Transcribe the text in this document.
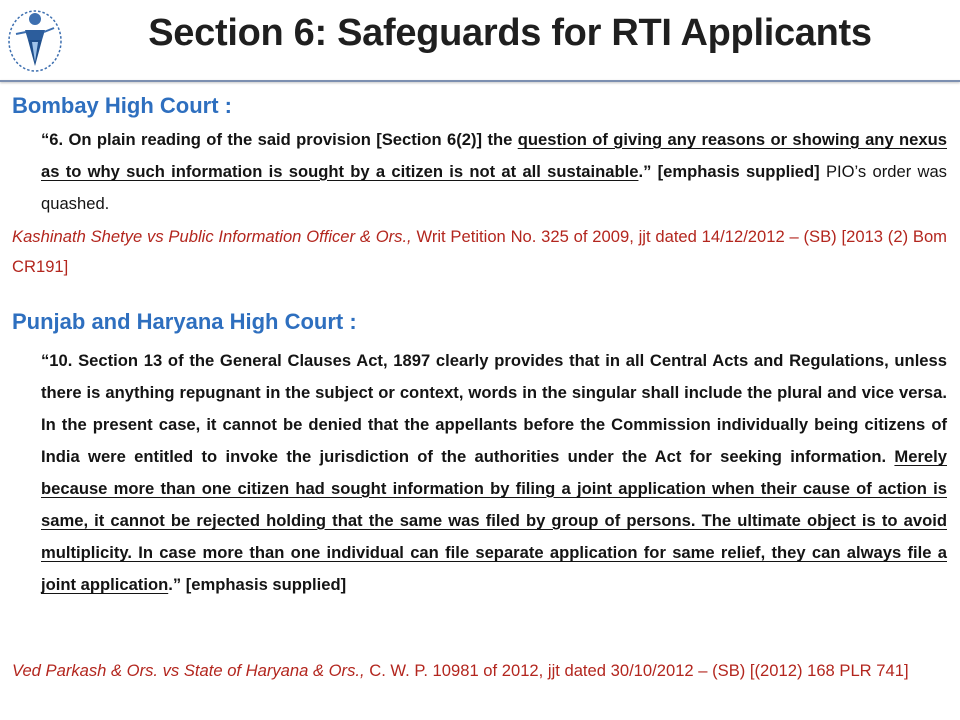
Section 6: Safeguards for RTI Applicants
Bombay High Court :

“6. On plain reading of the said provision [Section 6(2)] the question of giving any reasons or showing any nexus as to why such information is sought by a citizen is not at all sustainable.” [emphasis supplied] PIO’s order was quashed.

Kashinath Shetye vs Public Information Officer & Ors., Writ Petition No. 325 of 2009, jjt dated 14/12/2012 – (SB) [2013 (2) Bom CR191]

Punjab and Haryana High Court :

“10. Section 13 of the General Clauses Act, 1897 clearly provides that in all Central Acts and Regulations, unless there is anything repugnant in the subject or context, words in the singular shall include the plural and vice versa. In the present case, it cannot be denied that the appellants before the Commission individually being citizens of India were entitled to invoke the jurisdiction of the authorities under the Act for seeking information. Merely because more than one citizen had sought information by filing a joint application when their cause of action is same, it cannot be rejected holding that the same was filed by group of persons. The ultimate object is to avoid multiplicity. In case more than one individual can file separate application for same relief, they can always file a joint application.” [emphasis supplied]

Ved Parkash & Ors. vs State of Haryana & Ors., C. W. P. 10981 of 2012, jjt dated 30/10/2012 – (SB) [(2012) 168 PLR 741]
